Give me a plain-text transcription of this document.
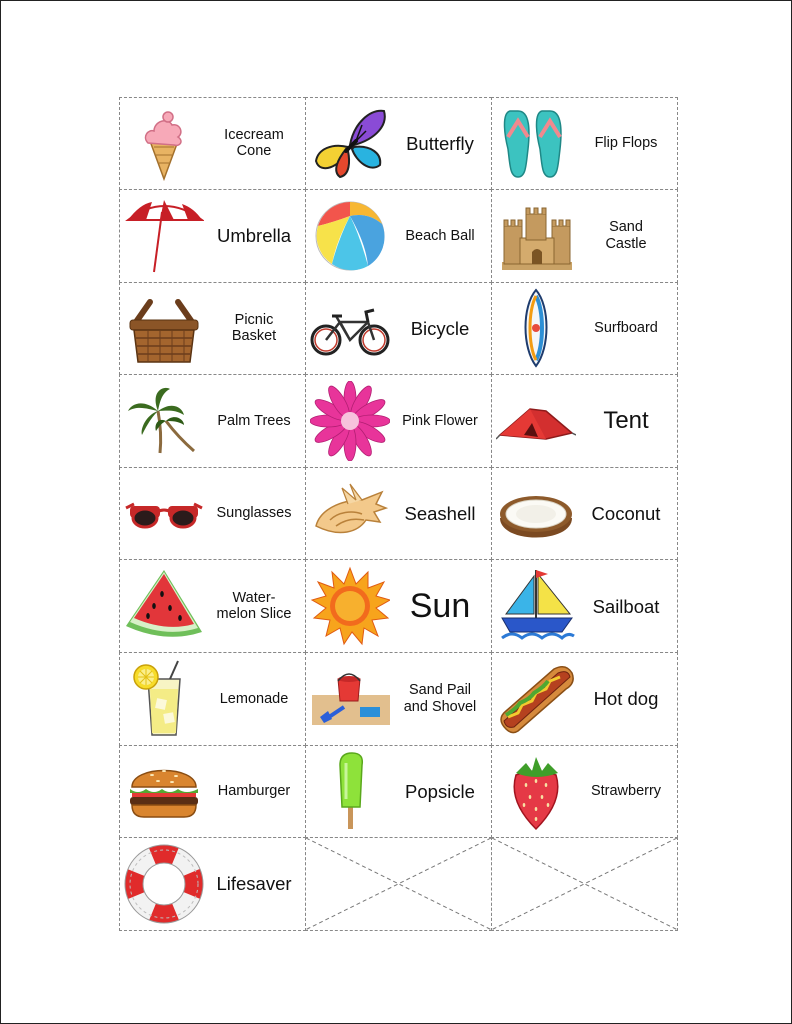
Icecream
Cone	Butterfly	Flip Flops
Umbrella	Beach Ball
Sand
Castle
Picnic
Basket	Bicycle	Surfboard
Palm Trees	Pink Flower	Tent
Sunglasses	Seashell	Coconut
Water-
melon Slice	Sun	Sailboat
Lemonade
Sand Pail
and Shovel	Hot dog
Hamburger	Popsicle	Strawberry
Lifesaver
